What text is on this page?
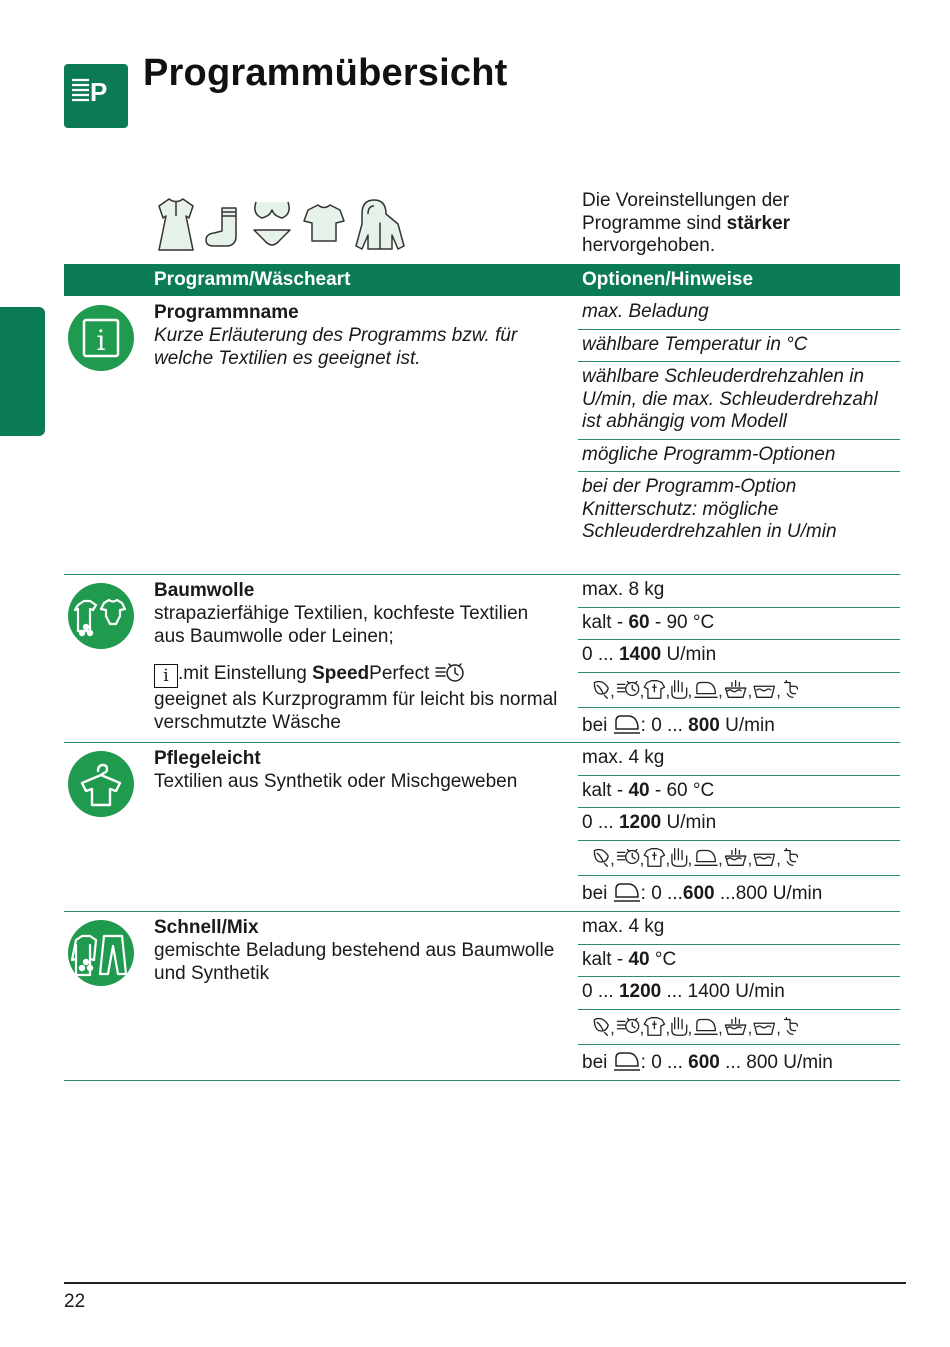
P Programmübersicht
Die Voreinstellungen der Programme sind stärker hervorgehoben.
Programm/Wäscheart	Optionen/Hinweise
i
Programmname
Kurze Erläuterung des Programms bzw. für welche Textilien es geeignet ist.
max. Beladung
wählbare Temperatur in °C
wählbare Schleuderdrehzahlen in U/min, die max. Schleuderdrehzahl ist abhängig vom Modell
mögliche Programm-Optionen
bei der Programm-Option Knitterschutz: mögliche Schleuderdrehzahlen in U/min
Baumwolle
strapazierfähige Textilien, kochfeste Textilien aus Baumwolle oder Leinen;
i .mit Einstellung SpeedPerfect
geeignet als Kurzprogramm für leicht bis normal verschmutzte Wäsche
max. 8 kg
kalt - 60 - 90 °C
0 ... 1400 U/min
bei : 0 ... 800 U/min
Pflegeleicht
Textilien aus Synthetik oder Mischgeweben
max. 4 kg
kalt - 40 - 60 °C
0 ... 1200 U/min
bei : 0 ...600 ...800 U/min
Schnell/Mix
gemischte Beladung bestehend aus Baumwolle und Synthetik
max. 4 kg
kalt - 40 °C
0 ... 1200 ... 1400 U/min
bei : 0 ... 600 ... 800 U/min
22
